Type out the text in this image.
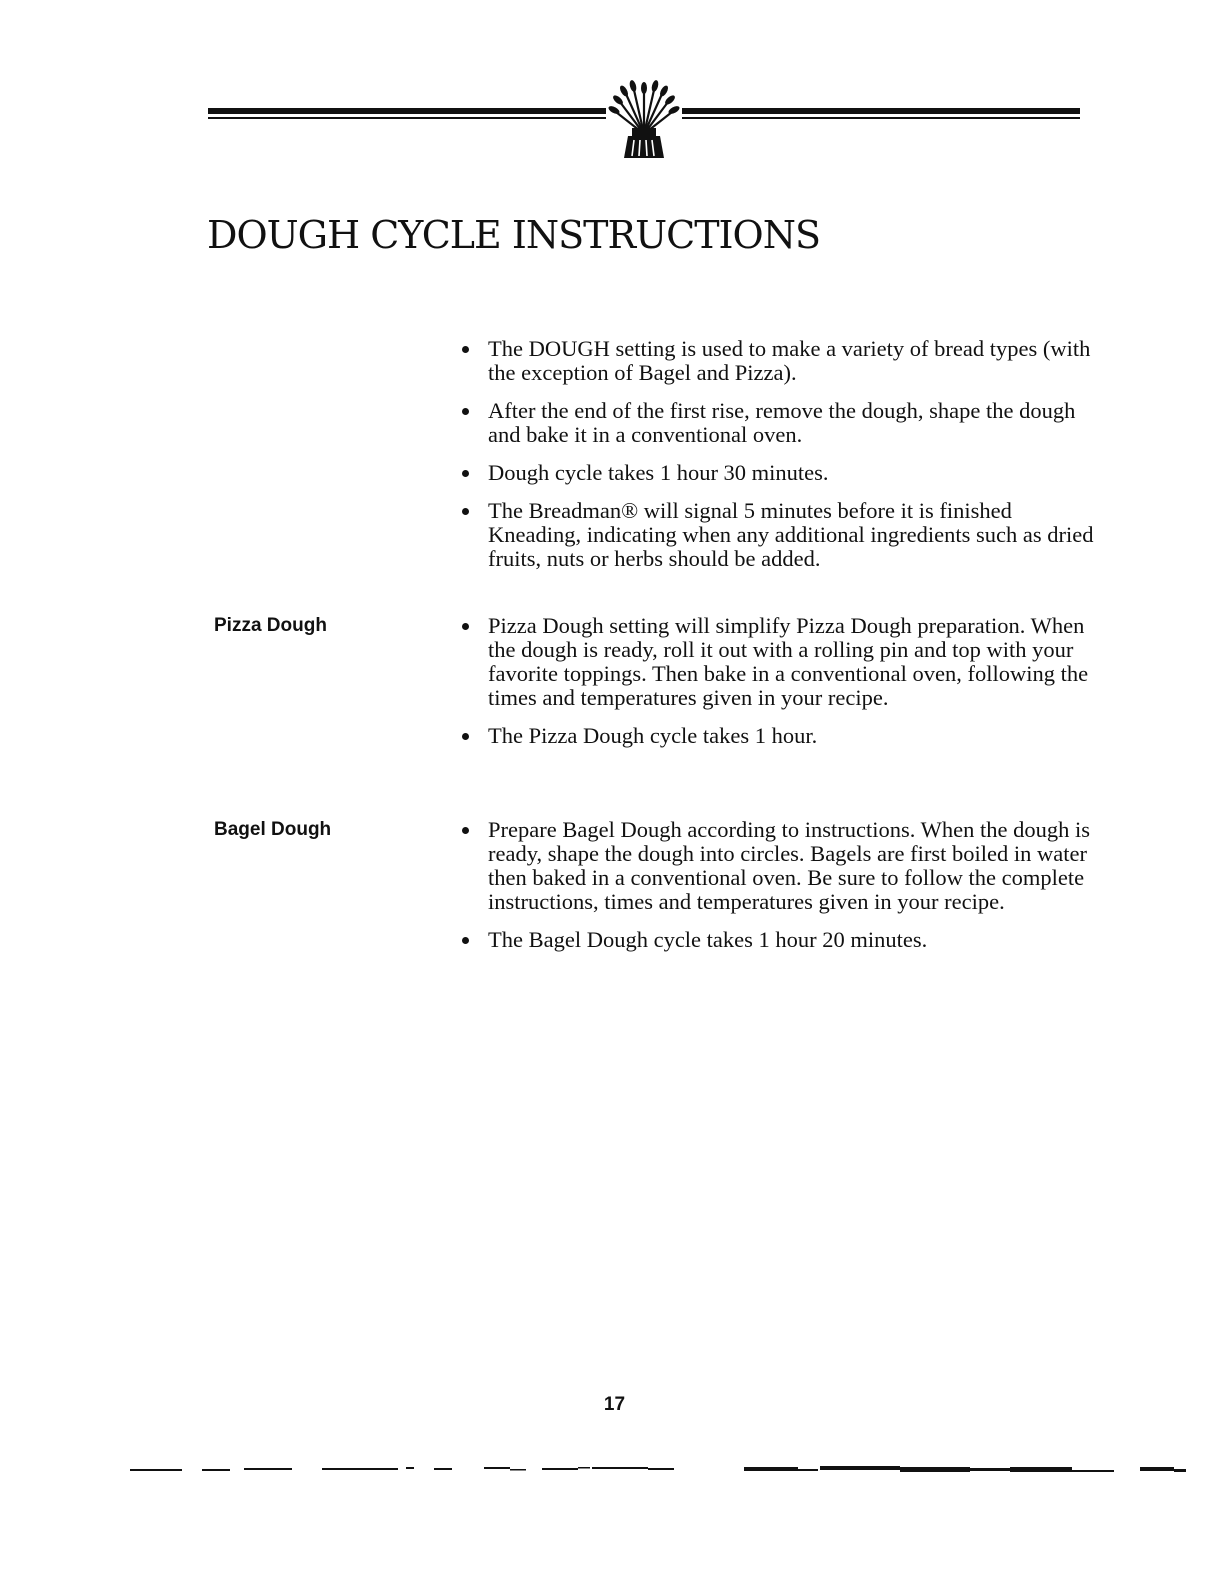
DOUGH CYCLE INSTRUCTIONS
The DOUGH setting is used to make a variety of bread types (with the exception of Bagel and Pizza).
After the end of the first rise, remove the dough, shape the dough and bake it in a conventional oven.
Dough cycle takes 1 hour 30 minutes.
The Breadman® will signal 5 minutes before it is finished Kneading, indicating when any additional ingredients such as dried fruits, nuts or herbs should be added.
Pizza Dough	Pizza Dough setting will simplify Pizza Dough preparation. When the dough is ready, roll it out with a rolling pin and top with your favorite toppings. Then bake in a conventional oven, following the times and temperatures given in your recipe.
The Pizza Dough cycle takes 1 hour.
Bagel Dough	Prepare Bagel Dough according to instructions. When the dough is ready, shape the dough into circles. Bagels are first boiled in water then baked in a conventional oven. Be sure to follow the complete instructions, times and temperatures given in your recipe.
The Bagel Dough cycle takes 1 hour 20 minutes.
17
